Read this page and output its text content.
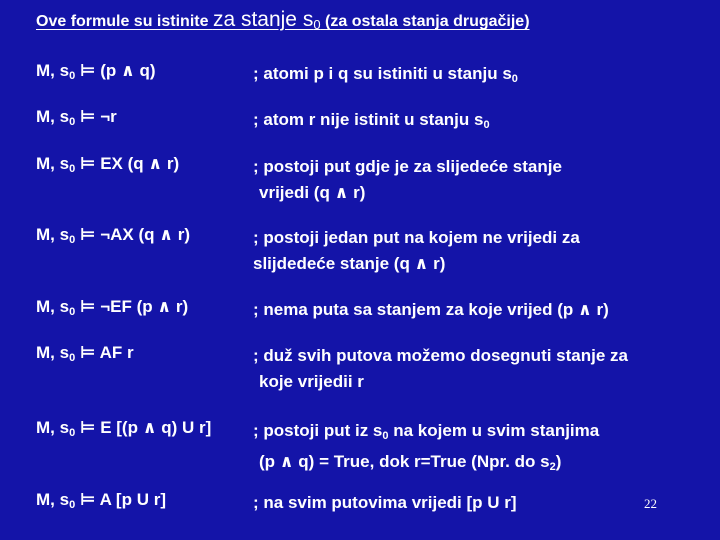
Ove formule su istinite za stanje $s_0$ (za ostala stanja drugačije)
M, $s_0$ ⊨ (p ∧ q)	; atomi p i q su istiniti u stanju $s_0$
M, $s_0$ ⊨ ¬r	; atom r nije istinit u stanju $s_0$
M, $s_0$ ⊨ EX (q ∧ r)	; postoji put gdje je za slijedeće stanje
vrijedi (q ∧ r)
M, $s_0$ ⊨ ¬AX (q ∧ r)	; postoji jedan put na kojem ne vrijedi za
slijdedeće stanje (q ∧ r)
M, $s_0$ ⊨ ¬EF (p ∧ r)	; nema puta sa stanjem za koje vrijed (p ∧ r)
M, $s_0$ ⊨ AF r	; duž svih putova možemo dosegnuti stanje za
koje vrijedii r
M, $s_0$ ⊨ E [(p ∧ q) U r] ; postoji put iz $s_0$ na kojem u svim stanjima
(p ∧ q) = True, dok r=True (Npr. do $s_2$)
M, $s_0$ ⊨ A [p U r]	; na svim putovima vrijedi [p U r]	22
